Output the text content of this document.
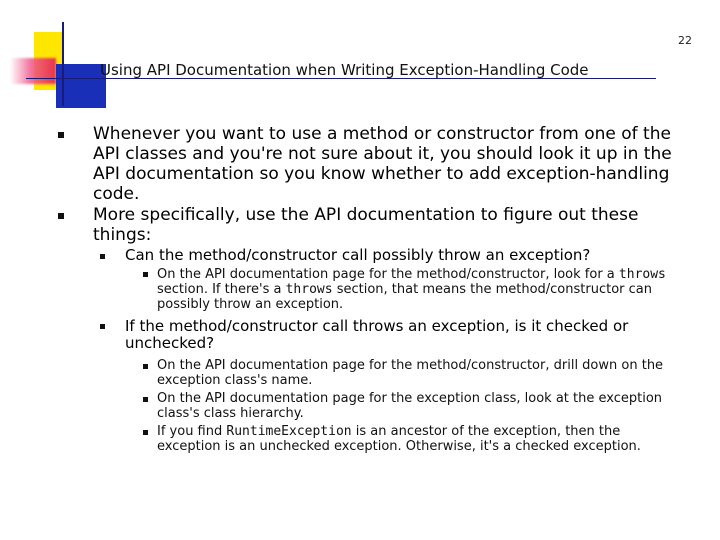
22
Using API Documentation when Writing Exception-Handling Code
Whenever you want to use a method or constructor from one of the API classes and you're not sure about it, you should look it up in the API documentation so you know whether to add exception-handling code.
More specifically, use the API documentation to figure out these things:
Can the method/constructor call possibly throw an exception?
On the API documentation page for the method/constructor, look for a throws section. If there's a throws section, that means the method/constructor can possibly throw an exception.
If the method/constructor call throws an exception, is it checked or unchecked?
On the API documentation page for the method/constructor, drill down on the exception class's name.
On the API documentation page for the exception class, look at the exception class's class hierarchy.
If you find RuntimeException is an ancestor of the exception, then the exception is an unchecked exception. Otherwise, it's a checked exception.
